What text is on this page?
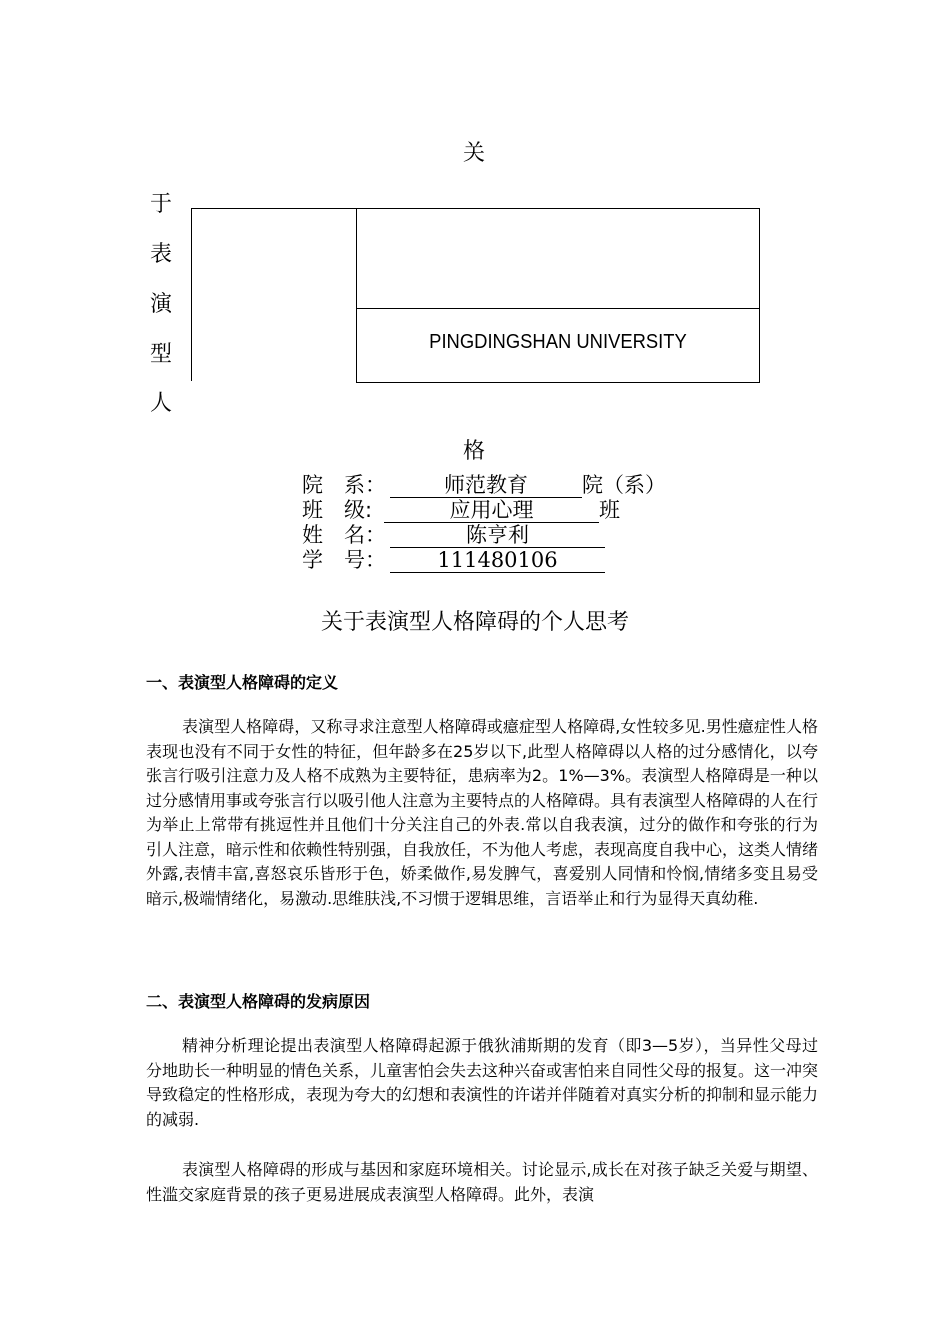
关
于
表
演
型
人
格
PINGDINGSHAN UNIVERSITY
院　系：	师范教育	院（系）
班　级:	应用心理	班
姓　名：	陈亨利
学　号： 111480106
关于表演型人格障碍的个人思考
一、表演型人格障碍的定义

表演型人格障碍，又称寻求注意型人格障碍或癔症型人格障碍,女性较多见.男性癔症性人格表现也没有不同于女性的特征，但年龄多在25岁以下,此型人格障碍以人格的过分感情化，以夸张言行吸引注意力及人格不成熟为主要特征，患病率为2。1%—3%。表演型人格障碍是一种以过分感情用事或夸张言行以吸引他人注意为主要特点的人格障碍。具有表演型人格障碍的人在行为举止上常带有挑逗性并且他们十分关注自己的外表.常以自我表演，过分的做作和夸张的行为引人注意，暗示性和依赖性特别强，自我放任，不为他人考虑，表现高度自我中心，这类人情绪外露,表情丰富,喜怒哀乐皆形于色，娇柔做作,易发脾气，喜爱别人同情和怜悯,情绪多变且易受暗示,极端情绪化，易激动.思维肤浅,不习惯于逻辑思维，言语举止和行为显得天真幼稚.

二、表演型人格障碍的发病原因

精神分析理论提出表演型人格障碍起源于俄狄浦斯期的发育（即3—5岁），当异性父母过分地助长一种明显的情色关系，儿童害怕会失去这种兴奋或害怕来自同性父母的报复。这一冲突导致稳定的性格形成，表现为夸大的幻想和表演性的许诺并伴随着对真实分析的抑制和显示能力的减弱.

表演型人格障碍的形成与基因和家庭环境相关。讨论显示,成长在对孩子缺乏关爱与期望、性滥交家庭背景的孩子更易进展成表演型人格障碍。此外，表演
